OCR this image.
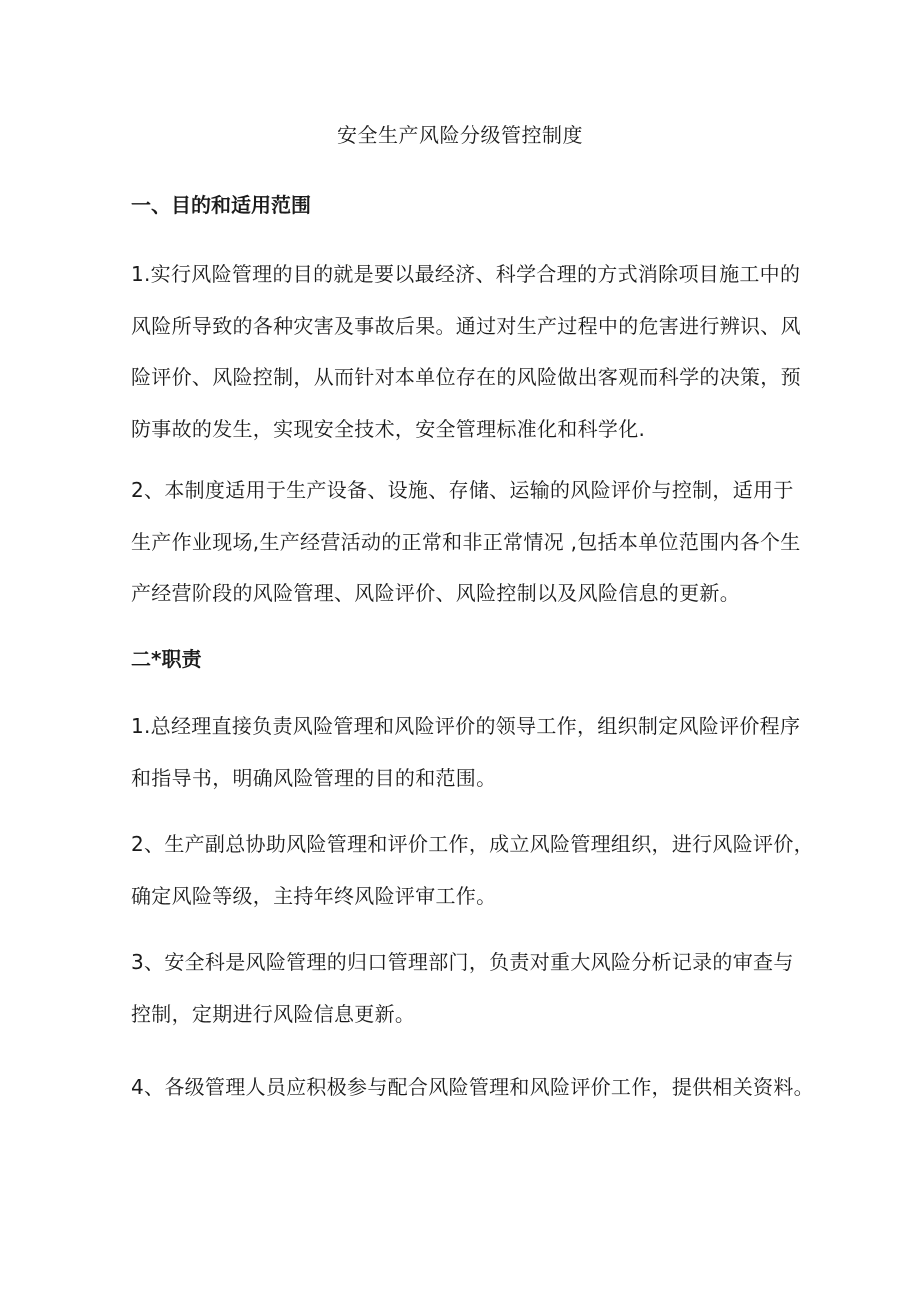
安全生产风险分级管控制度
一、目的和适用范围
1.实行风险管理的目的就是要以最经济、科学合理的方式消除项目施工中的
风险所导致的各种灾害及事故后果。通过对生产过程中的危害进行辨识、风
险评价、风险控制，从而针对本单位存在的风险做出客观而科学的决策，预
防事故的发生，实现安全技术，安全管理标准化和科学化.
2、本制度适用于生产设备、设施、存储、运输的风险评价与控制，适用于
生产作业现场,生产经营活动的正常和非正常情况 ,包括本单位范围内各个生
产经营阶段的风险管理、风险评价、风险控制以及风险信息的更新。
二*职责
1.总经理直接负责风险管理和风险评价的领导工作，组织制定风险评价程序
和指导书，明确风险管理的目的和范围。
2、生产副总协助风险管理和评价工作，成立风险管理组织，进行风险评价，
确定风险等级，主持年终风险评审工作。
3、安全科是风险管理的归口管理部门，负责对重大风险分析记录的审查与
控制，定期进行风险信息更新。
4、各级管理人员应积极参与配合风险管理和风险评价工作，提供相关资料。
